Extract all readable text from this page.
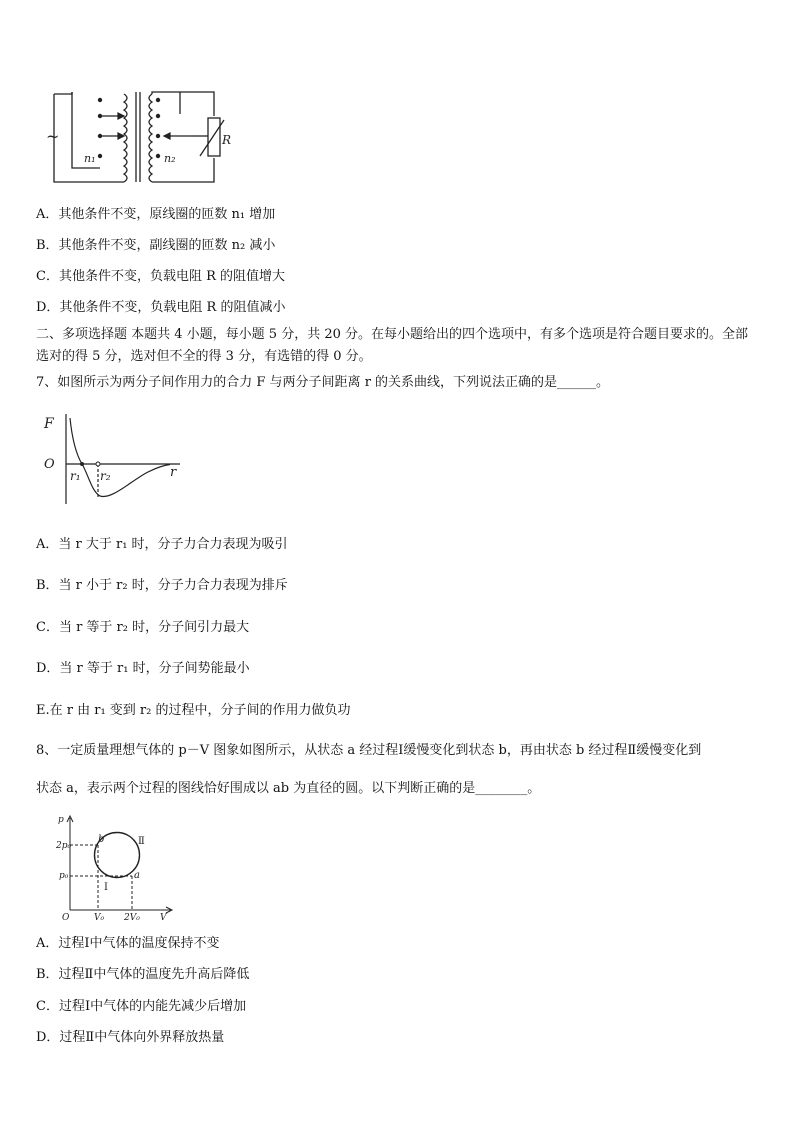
~
n₁	n₂
R
A．其他条件不变，原线圈的匝数 n₁ 增加
B．其他条件不变，副线圈的匝数 n₂ 减小
C．其他条件不变，负载电阻 R 的阻值增大
D．其他条件不变，负载电阻 R 的阻值减小
二、多项选择题 本题共 4 小题，每小题 5 分，共 20 分。在每小题给出的四个选项中，有多个选项是符合题目要求的。全部选对的得 5 分，选对但不全的得 3 分，有选错的得 0 分。
7、如图所示为两分子间作用力的合力 F 与两分子间距离 r 的关系曲线，下列说法正确的是______。
F
O
r₁ r₂	r
A．当 r 大于 r₁ 时，分子力合力表现为吸引
B．当 r 小于 r₂ 时，分子力合力表现为排斥
C．当 r 等于 r₂ 时，分子间引力最大
D．当 r 等于 r₁ 时，分子间势能最小
E.在 r 由 r₁ 变到 r₂ 的过程中，分子间的作用力做负功
8、一定质量理想气体的 p－V 图象如图所示，从状态 a 经过程Ⅰ缓慢变化到状态 b，再由状态 b 经过程Ⅱ缓慢变化到
状态 a，表示两个过程的图线恰好围成以 ab 为直径的圆。以下判断正确的是________。
p
2p₀
p₀
O	V₀ 2V₀ V
a
b
Ⅰ
Ⅱ
A．过程Ⅰ中气体的温度保持不变
B．过程Ⅱ中气体的温度先升高后降低
C．过程Ⅰ中气体的内能先减少后增加
D．过程Ⅱ中气体向外界释放热量
